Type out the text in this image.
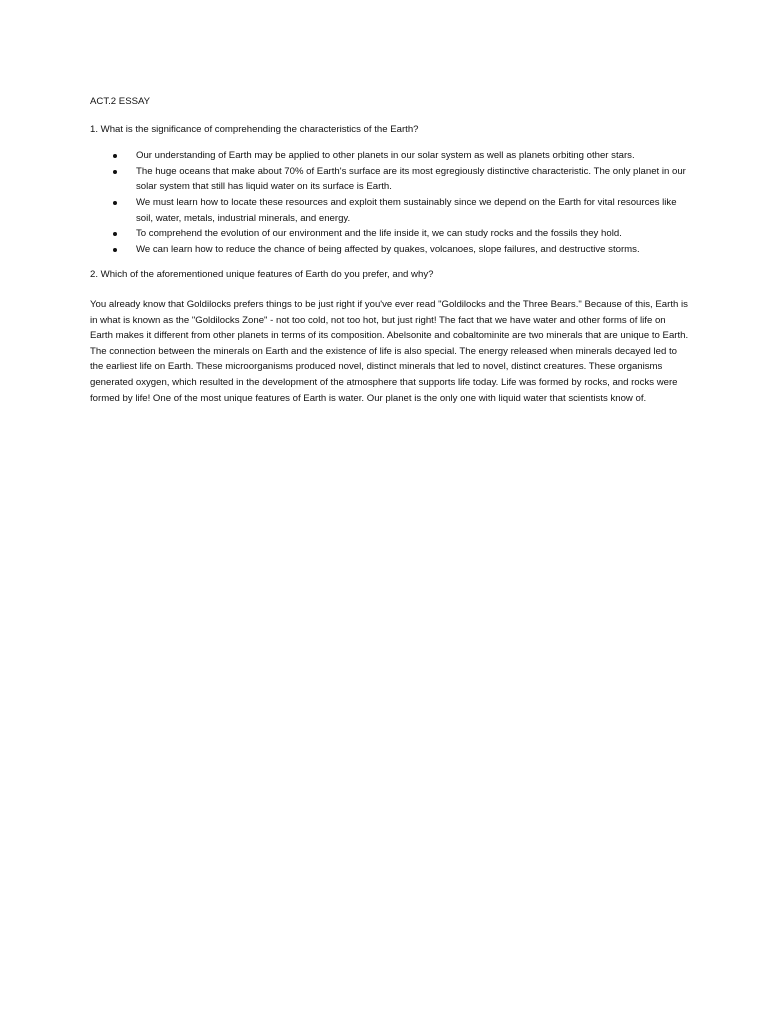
ACT.2 ESSAY
1. What is the significance of comprehending the characteristics of the Earth?
Our understanding of Earth may be applied to other planets in our solar system as well as planets orbiting other stars.
The huge oceans that make about 70% of Earth's surface are its most egregiously distinctive characteristic. The only planet in our solar system that still has liquid water on its surface is Earth.
We must learn how to locate these resources and exploit them sustainably since we depend on the Earth for vital resources like soil, water, metals, industrial minerals, and energy.
To comprehend the evolution of our environment and the life inside it, we can study rocks and the fossils they hold.
We can learn how to reduce the chance of being affected by quakes, volcanoes, slope failures, and destructive storms.
2. Which of the aforementioned unique features of Earth do you prefer, and why?
You already know that Goldilocks prefers things to be just right if you've ever read "Goldilocks and the Three Bears." Because of this, Earth is in what is known as the "Goldilocks Zone" - not too cold, not too hot, but just right! The fact that we have water and other forms of life on Earth makes it different from other planets in terms of its composition. Abelsonite and cobaltominite are two minerals that are unique to Earth. The connection between the minerals on Earth and the existence of life is also special. The energy released when minerals decayed led to the earliest life on Earth. These microorganisms produced novel, distinct minerals that led to novel, distinct creatures. These organisms generated oxygen, which resulted in the development of the atmosphere that supports life today. Life was formed by rocks, and rocks were formed by life! One of the most unique features of Earth is water. Our planet is the only one with liquid water that scientists know of.
